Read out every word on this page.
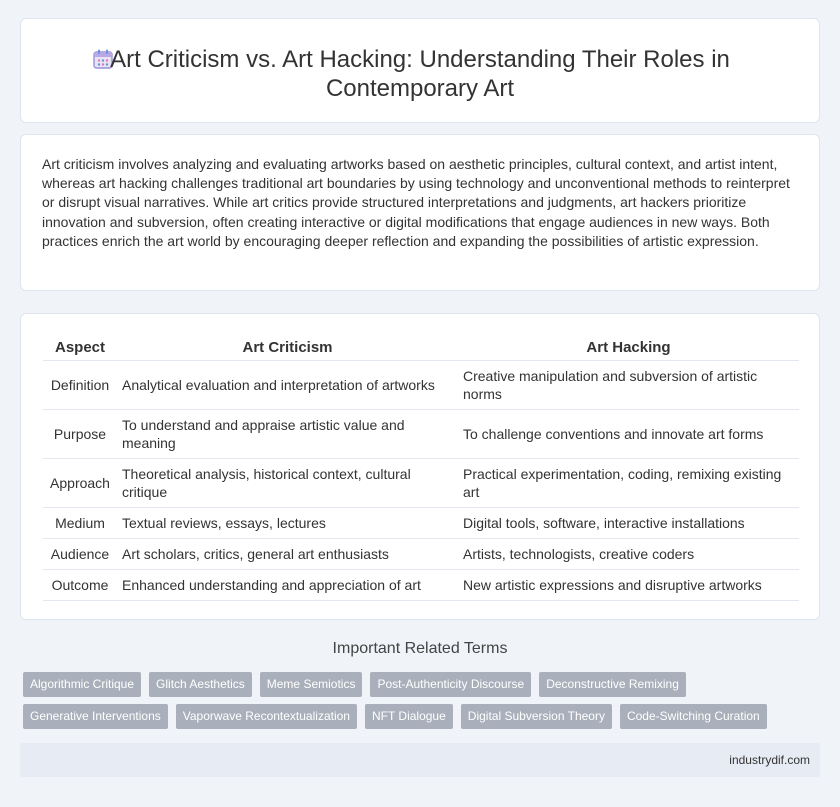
Art Criticism vs. Art Hacking: Understanding Their Roles in Contemporary Art

Art criticism involves analyzing and evaluating artworks based on aesthetic principles, cultural context, and artist intent, whereas art hacking challenges traditional art boundaries by using technology and unconventional methods to reinterpret or disrupt visual narratives. While art critics provide structured interpretations and judgments, art hackers prioritize innovation and subversion, often creating interactive or digital modifications that engage audiences in new ways. Both practices enrich the art world by encouraging deeper reflection and expanding the possibilities of artistic expression.

Aspect	Art Criticism	Art Hacking
Definition	Analytical evaluation and interpretation of artworks	Creative manipulation and subversion of artistic norms
Purpose	To understand and appraise artistic value and meaning	To challenge conventions and innovate art forms
Approach	Theoretical analysis, historical context, cultural critique	Practical experimentation, coding, remixing existing art
Medium	Textual reviews, essays, lectures	Digital tools, software, interactive installations
Audience	Art scholars, critics, general art enthusiasts	Artists, technologists, creative coders
Outcome	Enhanced understanding and appreciation of art	New artistic expressions and disruptive artworks
Important Related Terms
Algorithmic Critique	Glitch Aesthetics	Meme Semiotics	Post-Authenticity Discourse	Deconstructive Remixing
Generative Interventions	Vaporwave Recontextualization	NFT Dialogue	Digital Subversion Theory	Code-Switching Curation
industrydif.com
